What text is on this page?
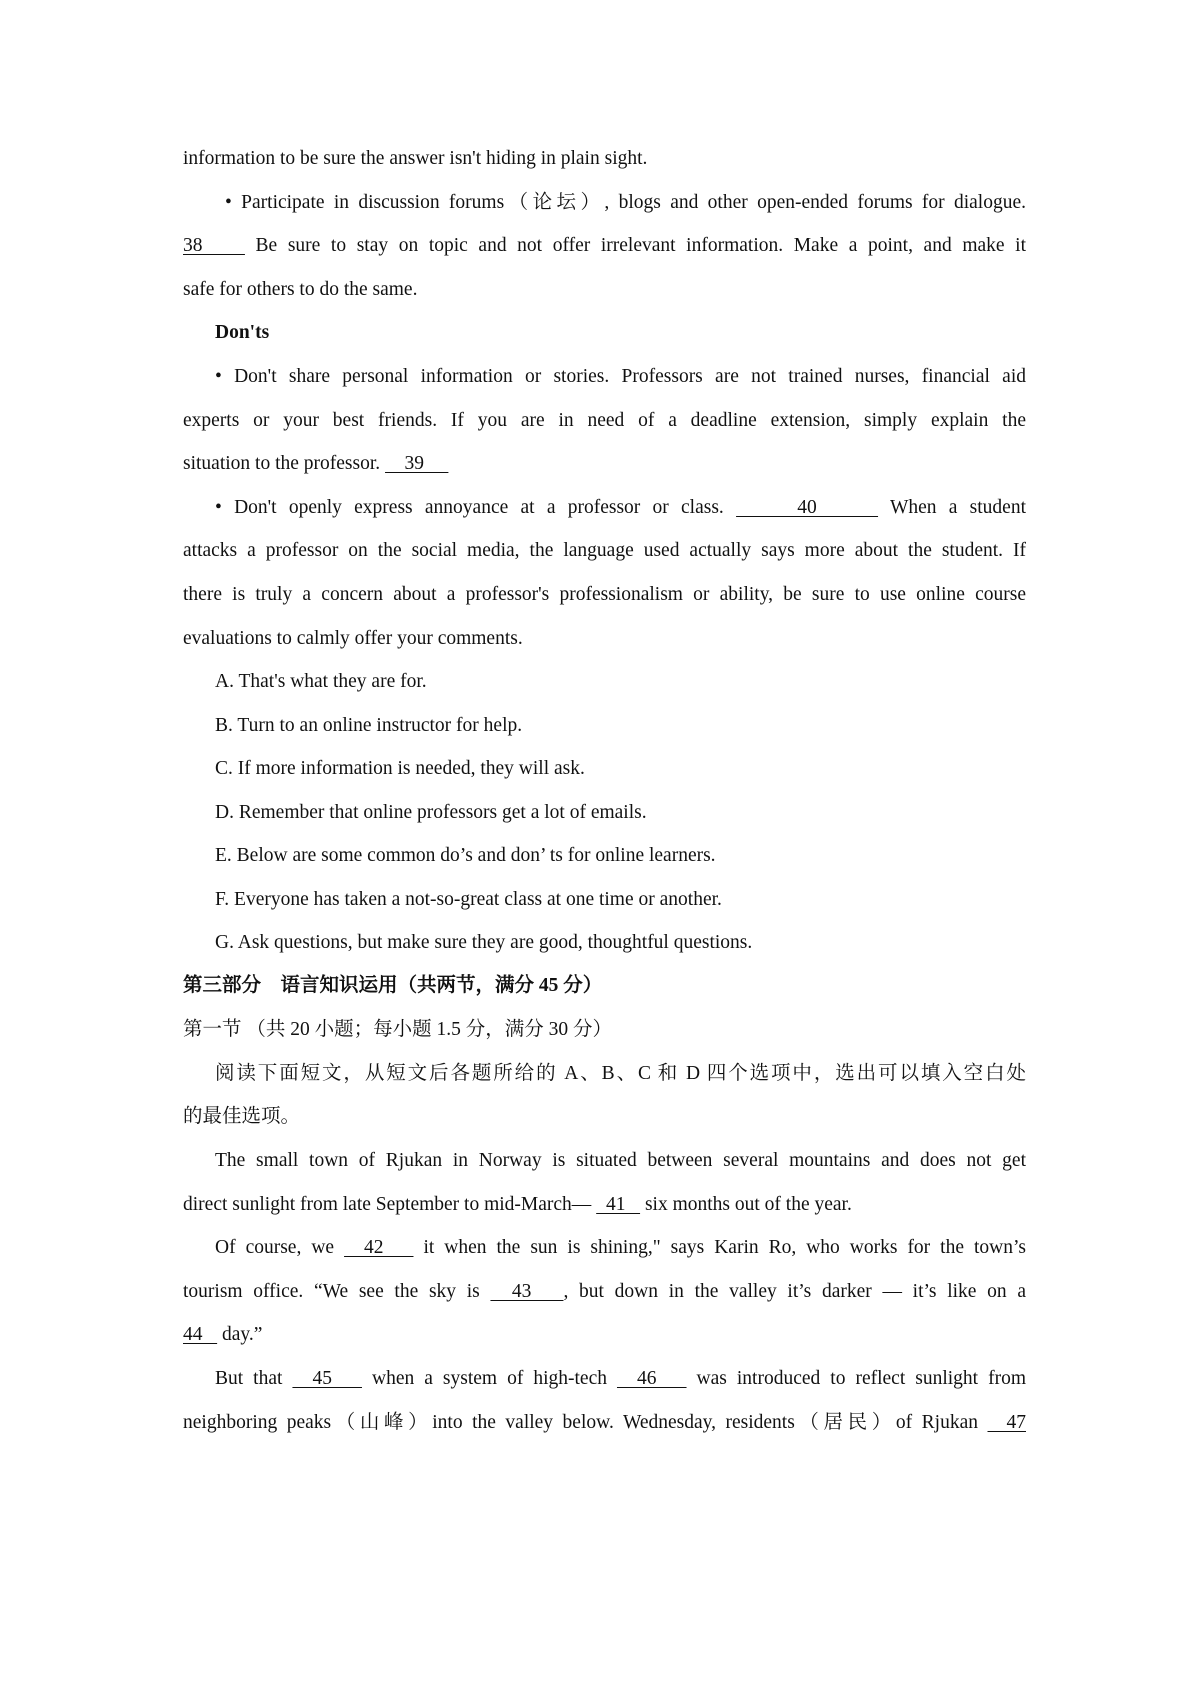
information to be sure the answer isn't hiding in plain sight.
• Participate in discussion forums（论坛）, blogs and other open-ended forums for dialogue.
38     Be sure to stay on topic and not offer irrelevant information. Make a point, and make it
safe for others to do the same.
Don'ts
• Don't share personal information or stories. Professors are not trained nurses, financial aid
experts or your best friends. If you are in need of a deadline extension, simply explain the
situation to the professor.     39
• Don't openly express annoyance at a professor or class.      40      When a student
attacks a professor on the social media, the language used actually says more about the student. If
there is truly a concern about a professor's professionalism or ability, be sure to use online course
evaluations to calmly offer your comments.
A. That's what they are for.
B. Turn to an online instructor for help.
C. If more information is needed, they will ask.
D. Remember that online professors get a lot of emails.
E. Below are some common do’s and don’ ts for online learners.
F. Everyone has taken a not-so-great class at one time or another.
G. Ask questions, but make sure they are good, thoughtful questions.
第三部分　语言知识运用（共两节，满分 45 分）
第一节 （共 20 小题；每小题 1.5 分，满分 30 分）
阅读下面短文，从短文后各题所给的 A、B、C 和 D 四个选项中，选出可以填入空白处
的最佳选项。
The small town of Rjukan in Norway is situated between several mountains and does not get
direct sunlight from late September to mid-March—   41    six months out of the year.
Of course, we   42    it when the sun is shining," says Karin Ro, who works for the town’s
tourism office. “We see the sky is   43   , but down in the valley it’s darker — it’s like on a
44    day.”
But that   45    when a system of high-tech   46    was introduced to reflect sunlight from
neighboring peaks（山峰）into the valley below. Wednesday, residents（居民）of Rjukan   47
